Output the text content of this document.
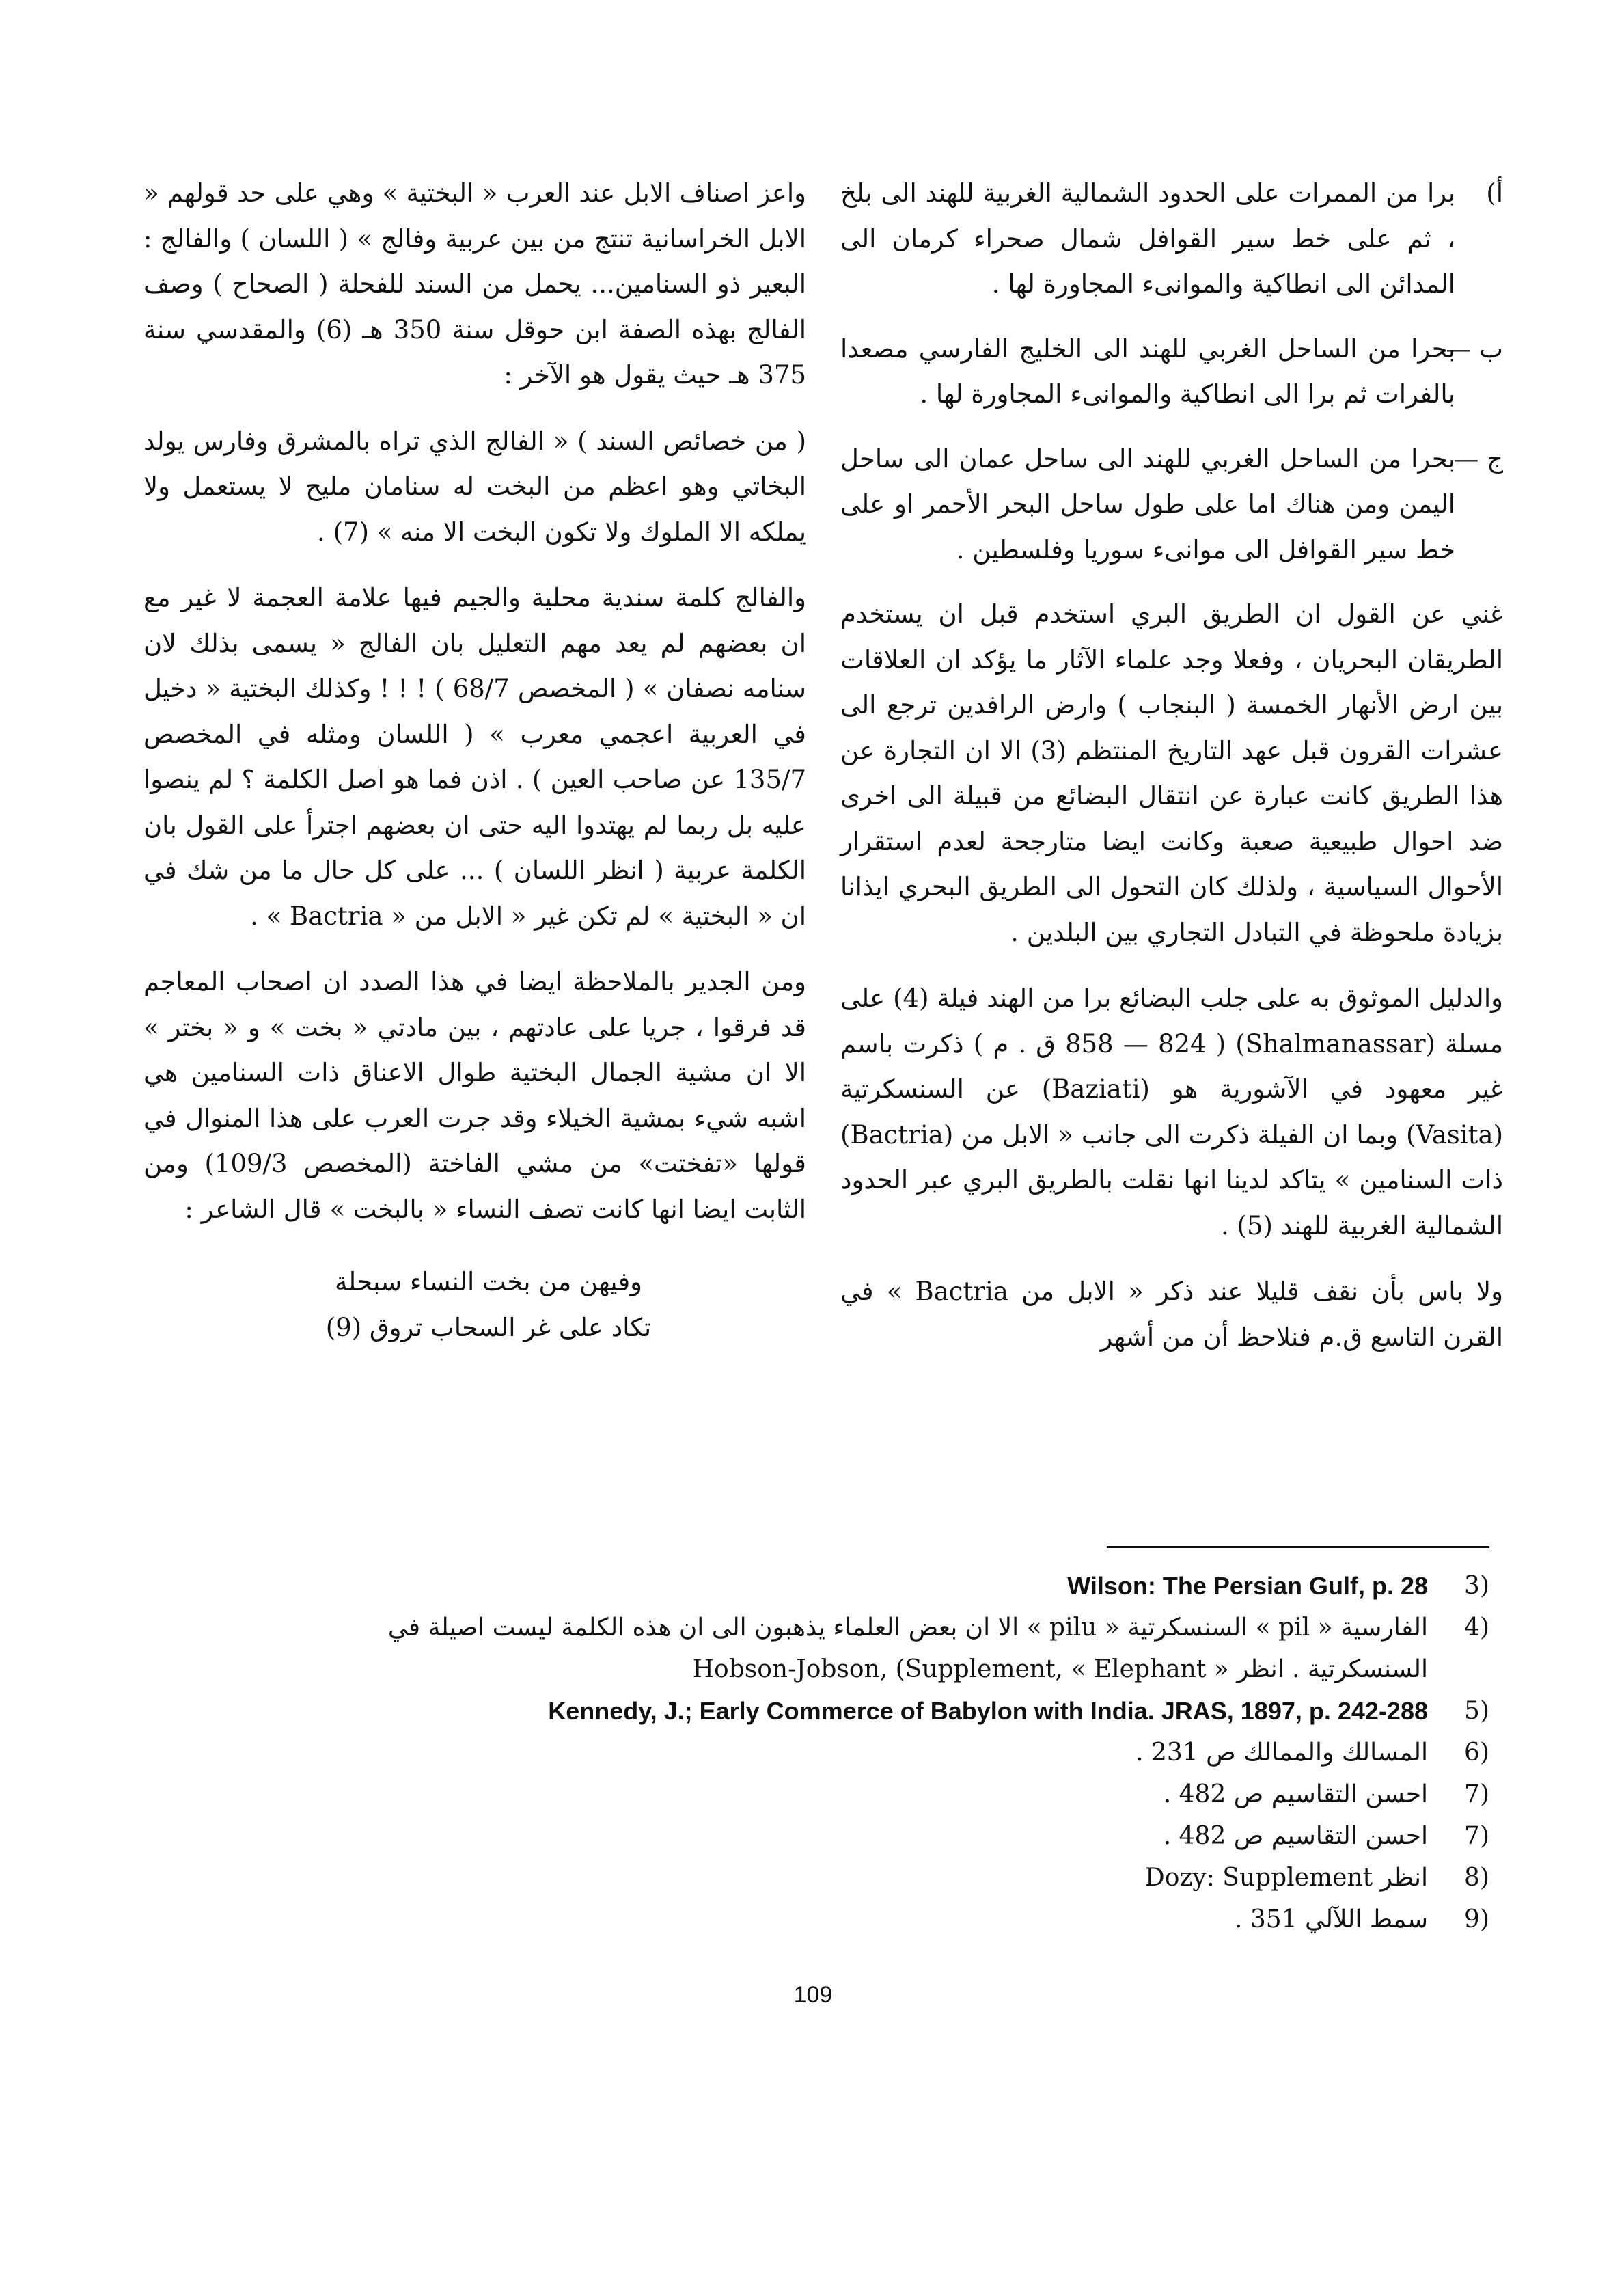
أ)
برا من الممرات على الحدود الشمالية الغربية للهند الى بلخ ، ثم على خط سير القوافل شمال صحراء كرمان الى المدائن الى انطاكية والموانىء المجاورة لها .
ب —
بحرا من الساحل الغربي للهند الى الخليج الفارسي مصعدا بالفرات ثم برا الى انطاكية والموانىء المجاورة لها .
ج —
بحرا من الساحل الغربي للهند الى ساحل عمان الى ساحل اليمن ومن هناك اما على طول ساحل البحر الأحمر او على خط سير القوافل الى موانىء سوريا وفلسطين .

غني عن القول ان الطريق البري استخدم قبل ان يستخدم الطريقان البحريان ، وفعلا وجد علماء الآثار ما يؤكد ان العلاقات بين ارض الأنهار الخمسة ( البنجاب ) وارض الرافدين ترجع الى عشرات القرون قبل عهد التاريخ المنتظم (3) الا ان التجارة عن هذا الطريق كانت عبارة عن انتقال البضائع من قبيلة الى اخرى ضد احوال طبيعية صعبة وكانت ايضا متارجحة لعدم استقرار الأحوال السياسية ، ولذلك كان التحول الى الطريق البحري ايذانا بزيادة ملحوظة في التبادل التجاري بين البلدين .

والدليل الموثوق به على جلب البضائع برا من الهند فيلة (4) على مسلة (Shalmanassar) ( 858 — 824 ق . م ) ذكرت باسم غير معهود في الآشورية هو (Baziati) عن السنسكرتية (Vasita) وبما ان الفيلة ذكرت الى جانب « الابل من (Bactria) ذات السنامين » يتاكد لدينا انها نقلت بالطريق البري عبر الحدود الشمالية الغربية للهند (5) .

ولا باس بأن نقف قليلا عند ذكر « الابل من Bactria » في القرن التاسع ق.م فنلاحظ أن من أشهر

واعز اصناف الابل عند العرب « البختية » وهي على حد قولهم « الابل الخراسانية تنتج من بين عربية وفالج » ( اللسان ) والفالج : البعير ذو السنامين... يحمل من السند للفحلة ( الصحاح ) وصف الفالج بهذه الصفة ابن حوقل سنة 350 هـ (6) والمقدسي سنة 375 هـ حيث يقول هو الآخر :

( من خصائص السند ) « الفالج الذي تراه بالمشرق وفارس يولد البخاتي وهو اعظم من البخت له سنامان مليح لا يستعمل ولا يملكه الا الملوك ولا تكون البخت الا منه » (7) .

والفالج كلمة سندية محلية والجيم فيها علامة العجمة لا غير مع ان بعضهم لم يعد مهم التعليل بان الفالج « يسمى بذلك لان سنامه نصفان » ( المخصص 68/7 ) ! ! ! وكذلك البختية « دخيل في العربية اعجمي معرب » ( اللسان ومثله في المخصص 135/7 عن صاحب العين ) . اذن فما هو اصل الكلمة ؟ لم ينصوا عليه بل ربما لم يهتدوا اليه حتى ان بعضهم اجترأ على القول بان الكلمة عربية ( انظر اللسان ) ... على كل حال ما من شك في ان « البختية » لم تكن غير « الابل من « Bactria » .

ومن الجدير بالملاحظة ايضا في هذا الصدد ان اصحاب المعاجم قد فرقوا ، جريا على عادتهم ، بين مادتي « بخت » و « بختر » الا ان مشية الجمال البختية طوال الاعناق ذات السنامين هي اشبه شيء بمشية الخيلاء وقد جرت العرب على هذا المنوال في قولها «تفختت» من مشي الفاختة (المخصص 109/3) ومن الثابت ايضا انها كانت تصف النساء « بالبخت » قال الشاعر :

وفيهن من بخت النساء سبحلة
تكاد على غر السحاب تروق (9)
(3
Wilson: The Persian Gulf, p. 28
(4
الفارسية « pil » السنسكرتية « pilu » الا ان بعض العلماء يذهبون الى ان هذه الكلمة ليست اصيلة في
السنسكرتية . انظر « Hobson-Jobson, (Supplement, « Elephant
(5
Kennedy, J.; Early Commerce of Babylon with India. JRAS, 1897, p. 242-288
(6
المسالك والممالك ص 231 .
(7
احسن التقاسيم ص 482 .
(7
احسن التقاسيم ص 482 .
(8
انظر Dozy: Supplement
(9
سمط اللآلي 351 .
109
